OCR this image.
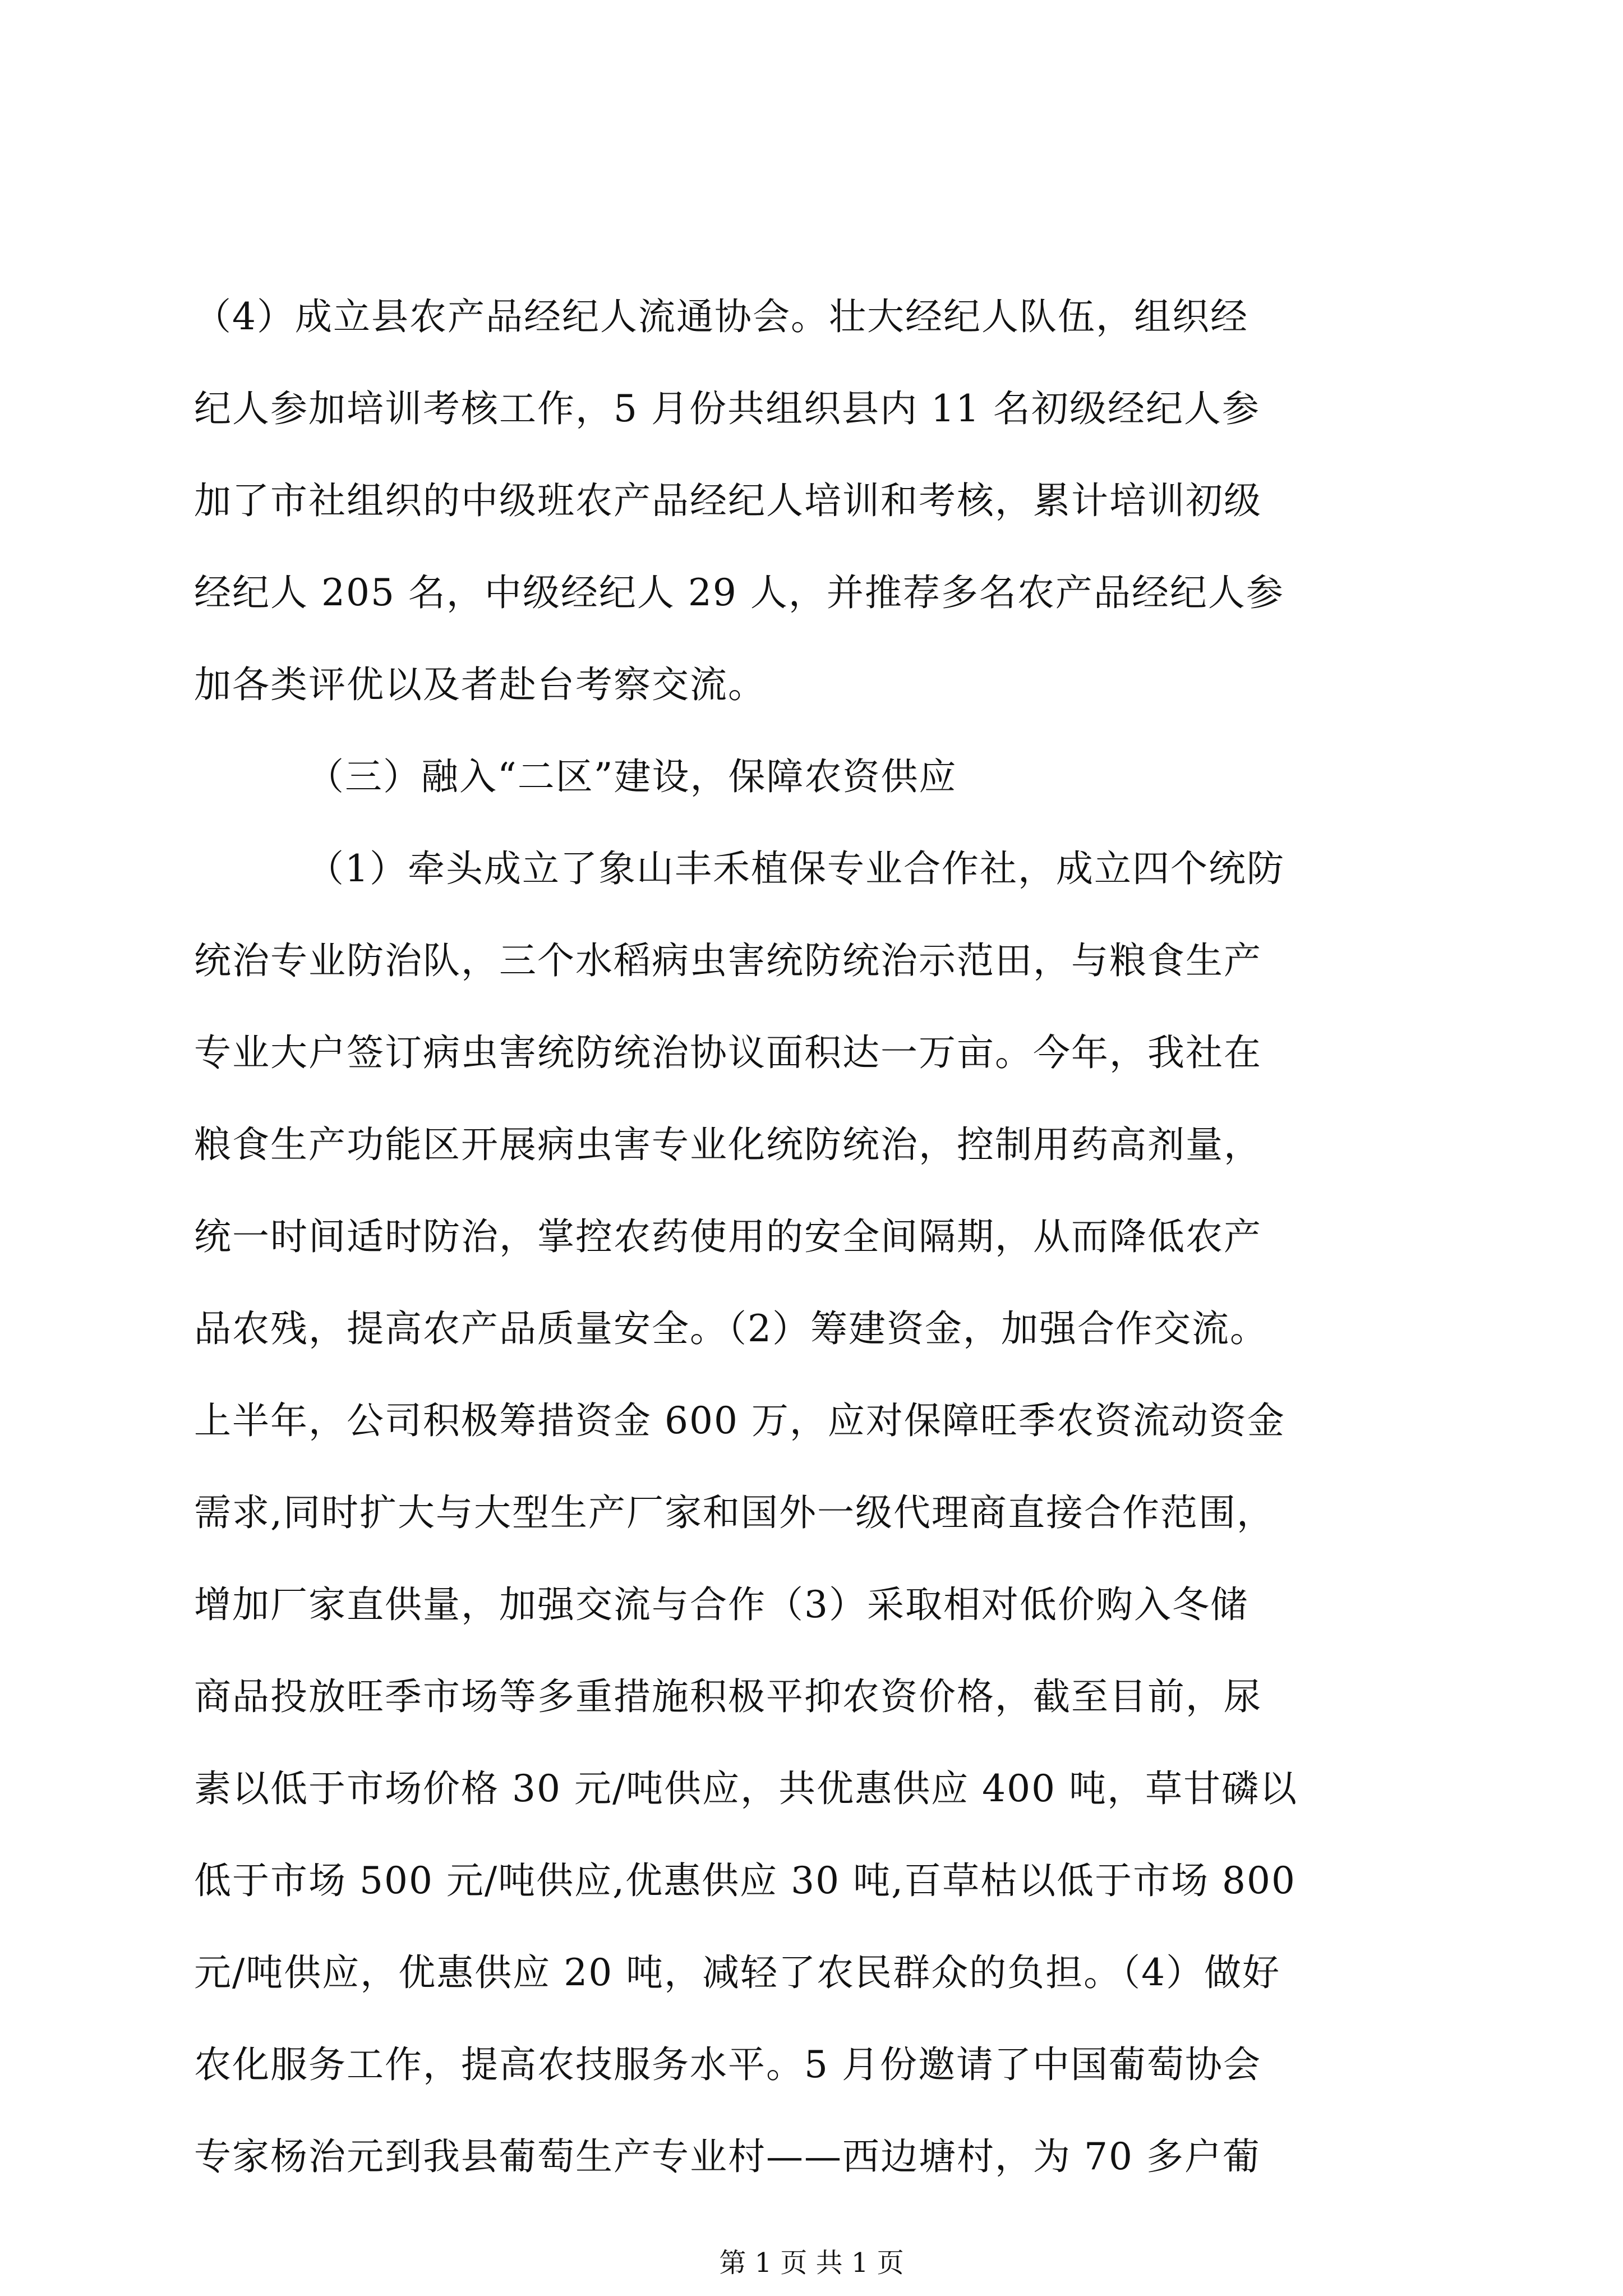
（4）成立县农产品经纪人流通协会。壮大经纪人队伍，组织经
纪人参加培训考核工作，5 月份共组织县内 11 名初级经纪人参
加了市社组织的中级班农产品经纪人培训和考核，累计培训初级
经纪人 205 名，中级经纪人 29 人，并推荐多名农产品经纪人参
加各类评优以及者赴台考察交流。
（三）融入“二区”建设，保障农资供应
（1）牵头成立了象山丰禾植保专业合作社，成立四个统防
统治专业防治队，三个水稻病虫害统防统治示范田，与粮食生产
专业大户签订病虫害统防统治协议面积达一万亩。今年，我社在
粮食生产功能区开展病虫害专业化统防统治，控制用药高剂量，
统一时间适时防治，掌控农药使用的安全间隔期，从而降低农产
品农残，提高农产品质量安全。（2）筹建资金，加强合作交流。
上半年，公司积极筹措资金 600 万，应对保障旺季农资流动资金
需求,同时扩大与大型生产厂家和国外一级代理商直接合作范围，
增加厂家直供量，加强交流与合作（3）采取相对低价购入冬储
商品投放旺季市场等多重措施积极平抑农资价格，截至目前，尿
素以低于市场价格 30 元/吨供应，共优惠供应 400 吨，草甘磷以
低于市场 500 元/吨供应,优惠供应 30 吨,百草枯以低于市场 800
元/吨供应，优惠供应 20 吨，减轻了农民群众的负担。（4）做好
农化服务工作，提高农技服务水平。5 月份邀请了中国葡萄协会
专家杨治元到我县葡萄生产专业村——西边塘村，为 70 多户葡
第 1 页 共 1 页
